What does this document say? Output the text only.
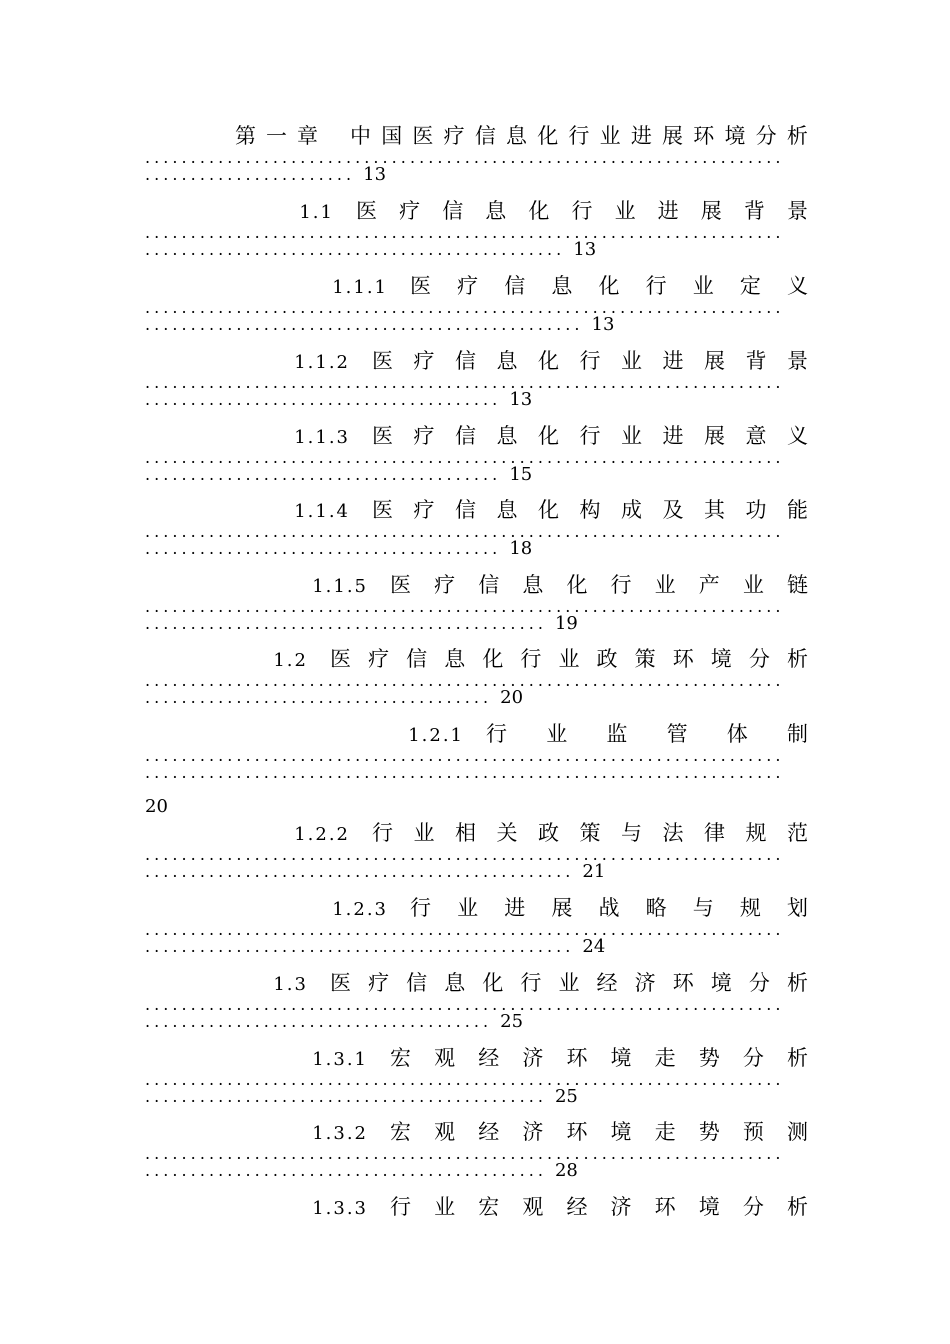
第一章 中 国 医 疗 信 息 化 行 业 进 展 环 境 分 析
......................................................................
....................... 13
1.1 医 疗 信 息 化 行 业 进 展 背 景
......................................................................
.............................................. 13
1.1.1 医 疗 信 息 化 行 业 定 义
......................................................................
................................................ 13
1.1.2 医 疗 信 息 化 行 业 进 展 背 景
......................................................................
....................................... 13
1.1.3 医 疗 信 息 化 行 业 进 展 意 义
......................................................................
....................................... 15
1.1.4 医 疗 信 息 化 构 成 及 其 功 能
......................................................................
....................................... 18
1.1.5 医 疗 信 息 化 行 业 产 业 链
......................................................................
............................................ 19
1.2 医 疗 信 息 化 行 业 政 策 环 境 分 析
......................................................................
...................................... 20
1.2.1 行 业 监 管 体 制
......................................................................
......................................................................
20
1.2.2 行 业 相 关 政 策 与 法 律 规 范
......................................................................
............................................... 21
1.2.3 行 业 进 展 战 略 与 规 划
......................................................................
............................................... 24
1.3 医 疗 信 息 化 行 业 经 济 环 境 分 析
......................................................................
...................................... 25
1.3.1 宏 观 经 济 环 境 走 势 分 析
......................................................................
............................................ 25
1.3.2 宏 观 经 济 环 境 走 势 预 测
......................................................................
............................................ 28
1.3.3 行 业 宏 观 经 济 环 境 分 析
